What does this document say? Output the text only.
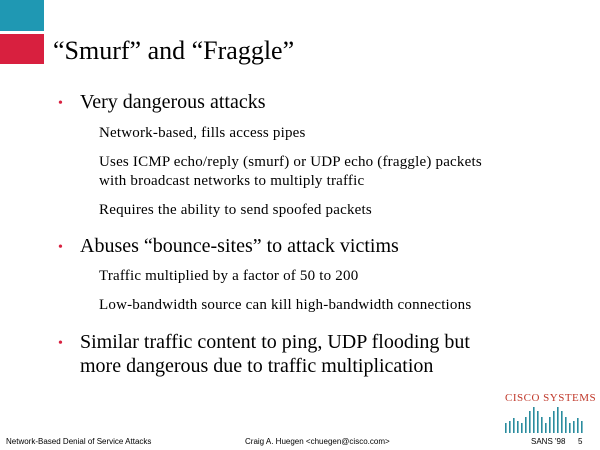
“Smurf” and “Fraggle”
• Very dangerous attacks
Network-based, fills access pipes
Uses ICMP echo/reply (smurf) or UDP echo (fraggle) packets
with broadcast networks to multiply traffic
Requires the ability to send spoofed packets
• Abuses “bounce-sites” to attack victims
Traffic multiplied by a factor of 50 to 200
Low-bandwidth source can kill high-bandwidth connections
• Similar traffic content to ping, UDP flooding but
more dangerous due to traffic multiplication
CISCO SYSTEMS
Network-Based Denial of Service Attacks	Craig A. Huegen <chuegen@cisco.com>	SANS '98 5
